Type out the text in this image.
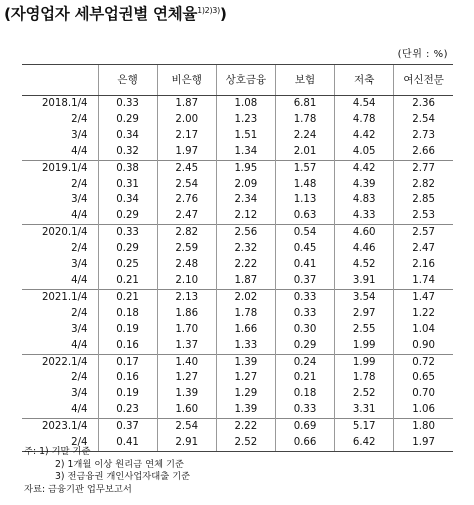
(자영업자 세부업권별 연체율$^{1)2)3)}$)
(단위 : %)
	은행	비은행	상호금융	보험	저축	여신전문
2018.1/4	0.33	1.87	1.08	6.81	4.54	2.36
2/4	0.29	2.00	1.23	1.78	4.78	2.54
3/4	0.34	2.17	1.51	2.24	4.42	2.73
4/4	0.32	1.97	1.34	2.01	4.05	2.66
2019.1/4	0.38	2.45	1.95	1.57	4.42	2.77
2/4	0.31	2.54	2.09	1.48	4.39	2.82
3/4	0.34	2.76	2.34	1.13	4.83	2.85
4/4	0.29	2.47	2.12	0.63	4.33	2.53
2020.1/4	0.33	2.82	2.56	0.54	4.60	2.57
2/4	0.29	2.59	2.32	0.45	4.46	2.47
3/4	0.25	2.48	2.22	0.41	4.52	2.16
4/4	0.21	2.10	1.87	0.37	3.91	1.74
2021.1/4	0.21	2.13	2.02	0.33	3.54	1.47
2/4	0.18	1.86	1.78	0.33	2.97	1.22
3/4	0.19	1.70	1.66	0.30	2.55	1.04
4/4	0.16	1.37	1.33	0.29	1.99	0.90
2022.1/4	0.17	1.40	1.39	0.24	1.99	0.72
2/4	0.16	1.27	1.27	0.21	1.78	0.65
3/4	0.19	1.39	1.29	0.18	2.52	0.70
4/4	0.23	1.60	1.39	0.33	3.31	1.06
2023.1/4	0.37	2.54	2.22	0.69	5.17	1.80
2/4	0.41	2.91	2.52	0.66	6.42	1.97
주: 1) 기말 기준
2) 1개월 이상 원리금 연체 기준
3) 전금융권 개인사업자대출 기준
자료: 금융기관 업무보고서
